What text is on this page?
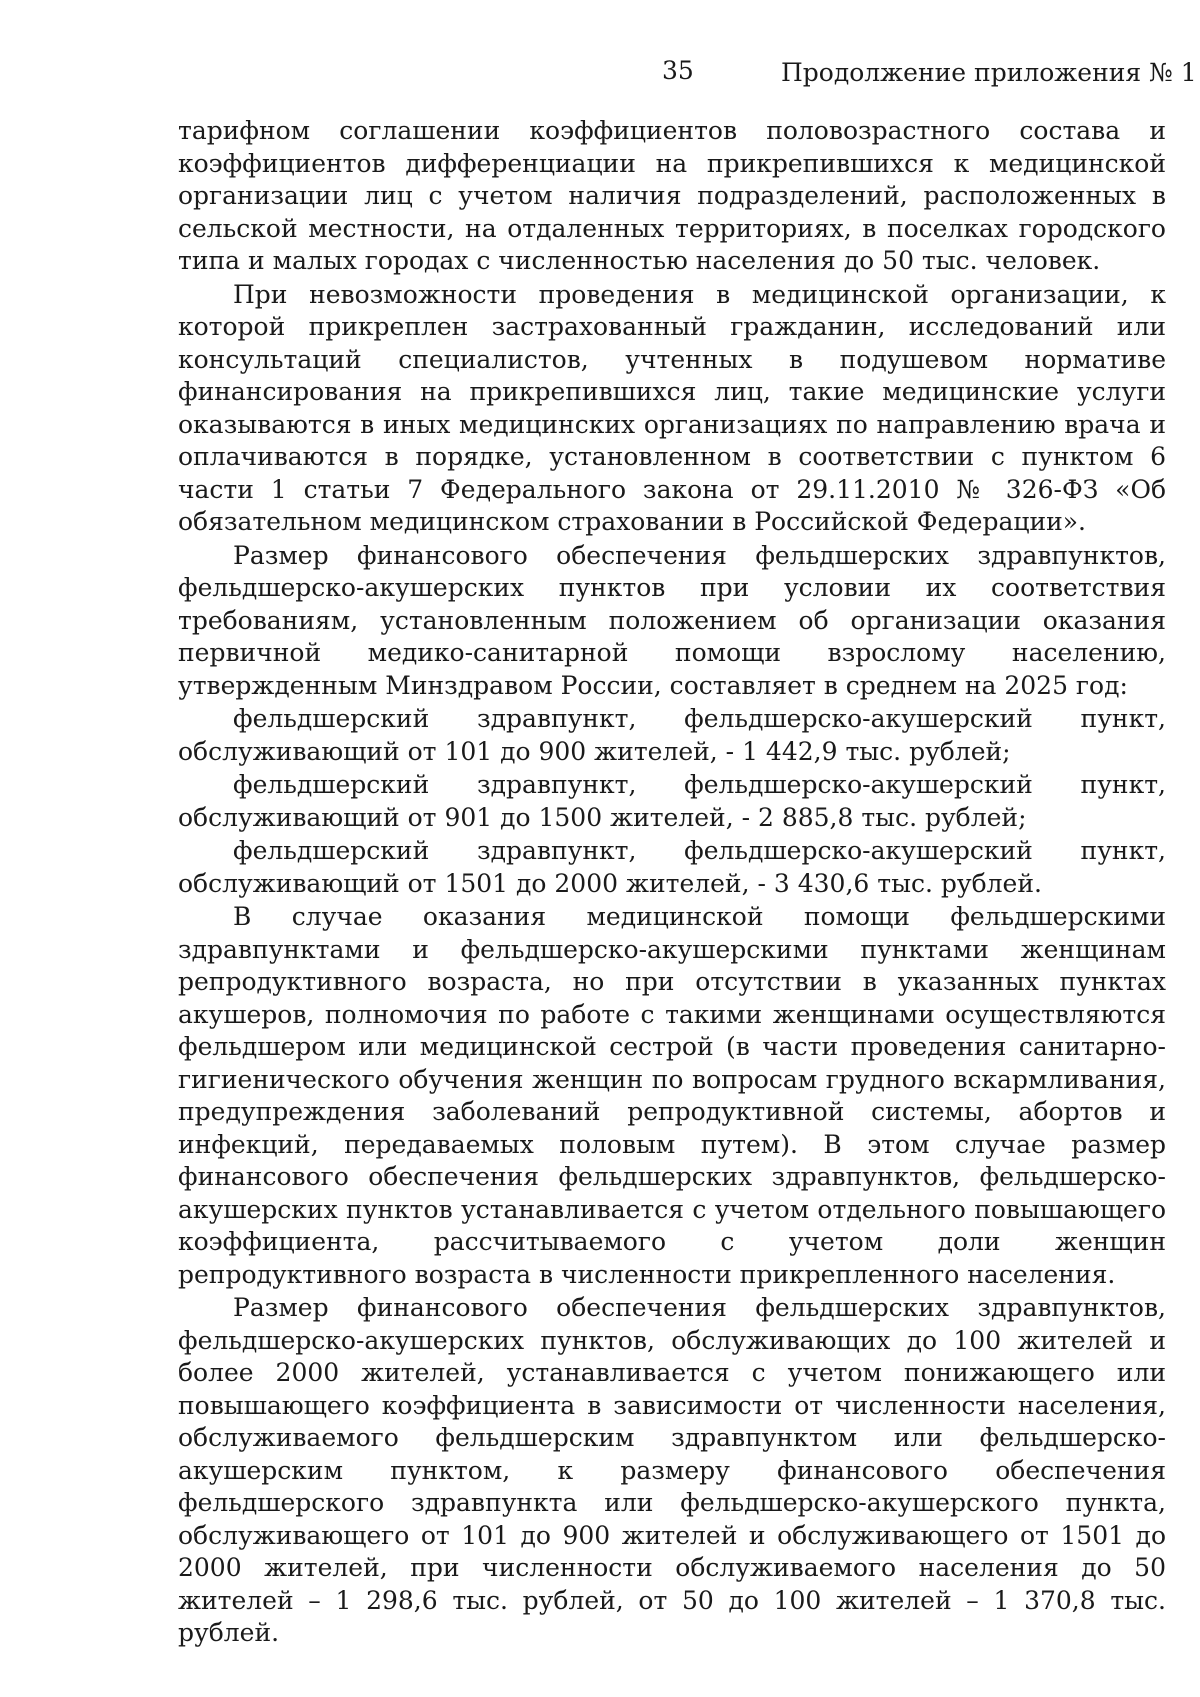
35	Продолжение приложения № 1

тарифном соглашении коэффициентов половозрастного состава и коэффициентов дифференциации на прикрепившихся к медицинской организации лиц с учетом наличия подразделений, расположенных в сельской местности, на отдаленных территориях, в поселках городского типа и малых городах с численностью населения до 50 тыс. человек.

При невозможности проведения в медицинской организации, к которой прикреплен застрахованный гражданин, исследований или консультаций специалистов, учтенных в подушевом нормативе финансирования на прикрепившихся лиц, такие медицинские услуги оказываются в иных медицинских организациях по направлению врача и оплачиваются в порядке, установленном в соответствии с пунктом 6 части 1 статьи 7 Федерального закона от 29.11.2010 № 326-ФЗ «Об обязательном медицинском страховании в Российской Федерации».

Размер финансового обеспечения фельдшерских здравпунктов, фельдшерско-акушерских пунктов при условии их соответствия требованиям, установленным положением об организации оказания первичной медико-санитарной помощи взрослому населению, утвержденным Минздравом России, составляет в среднем на 2025 год:

фельдшерский здравпункт, фельдшерско-акушерский пункт, обслуживающий от 101 до 900 жителей, - 1 442,9 тыс. рублей;

фельдшерский здравпункт, фельдшерско-акушерский пункт, обслуживающий от 901 до 1500 жителей, - 2 885,8 тыс. рублей;

фельдшерский здравпункт, фельдшерско-акушерский пункт, обслуживающий от 1501 до 2000 жителей, - 3 430,6 тыс. рублей.

В случае оказания медицинской помощи фельдшерскими здравпунктами и фельдшерско-акушерскими пунктами женщинам репродуктивного возраста, но при отсутствии в указанных пунктах акушеров, полномочия по работе с такими женщинами осуществляются фельдшером или медицинской сестрой (в части проведения санитарно-гигиенического обучения женщин по вопросам грудного вскармливания, предупреждения заболеваний репродуктивной системы, абортов и инфекций, передаваемых половым путем). В этом случае размер финансового обеспечения фельдшерских здравпунктов, фельдшерско-акушерских пунктов устанавливается с учетом отдельного повышающего коэффициента, рассчитываемого с учетом доли женщин репродуктивного возраста в численности прикрепленного населения.

Размер финансового обеспечения фельдшерских здравпунктов, фельдшерско-акушерских пунктов, обслуживающих до 100 жителей и более 2000 жителей, устанавливается с учетом понижающего или повышающего коэффициента в зависимости от численности населения, обслуживаемого фельдшерским здравпунктом или фельдшерско-акушерским пунктом, к размеру финансового обеспечения фельдшерского здравпункта или фельдшерско-акушерского пункта, обслуживающего от 101 до 900 жителей и обслуживающего от 1501 до 2000 жителей, при численности обслуживаемого населения до 50 жителей – 1 298,6 тыс. рублей, от 50 до 100 жителей – 1 370,8 тыс. рублей.
